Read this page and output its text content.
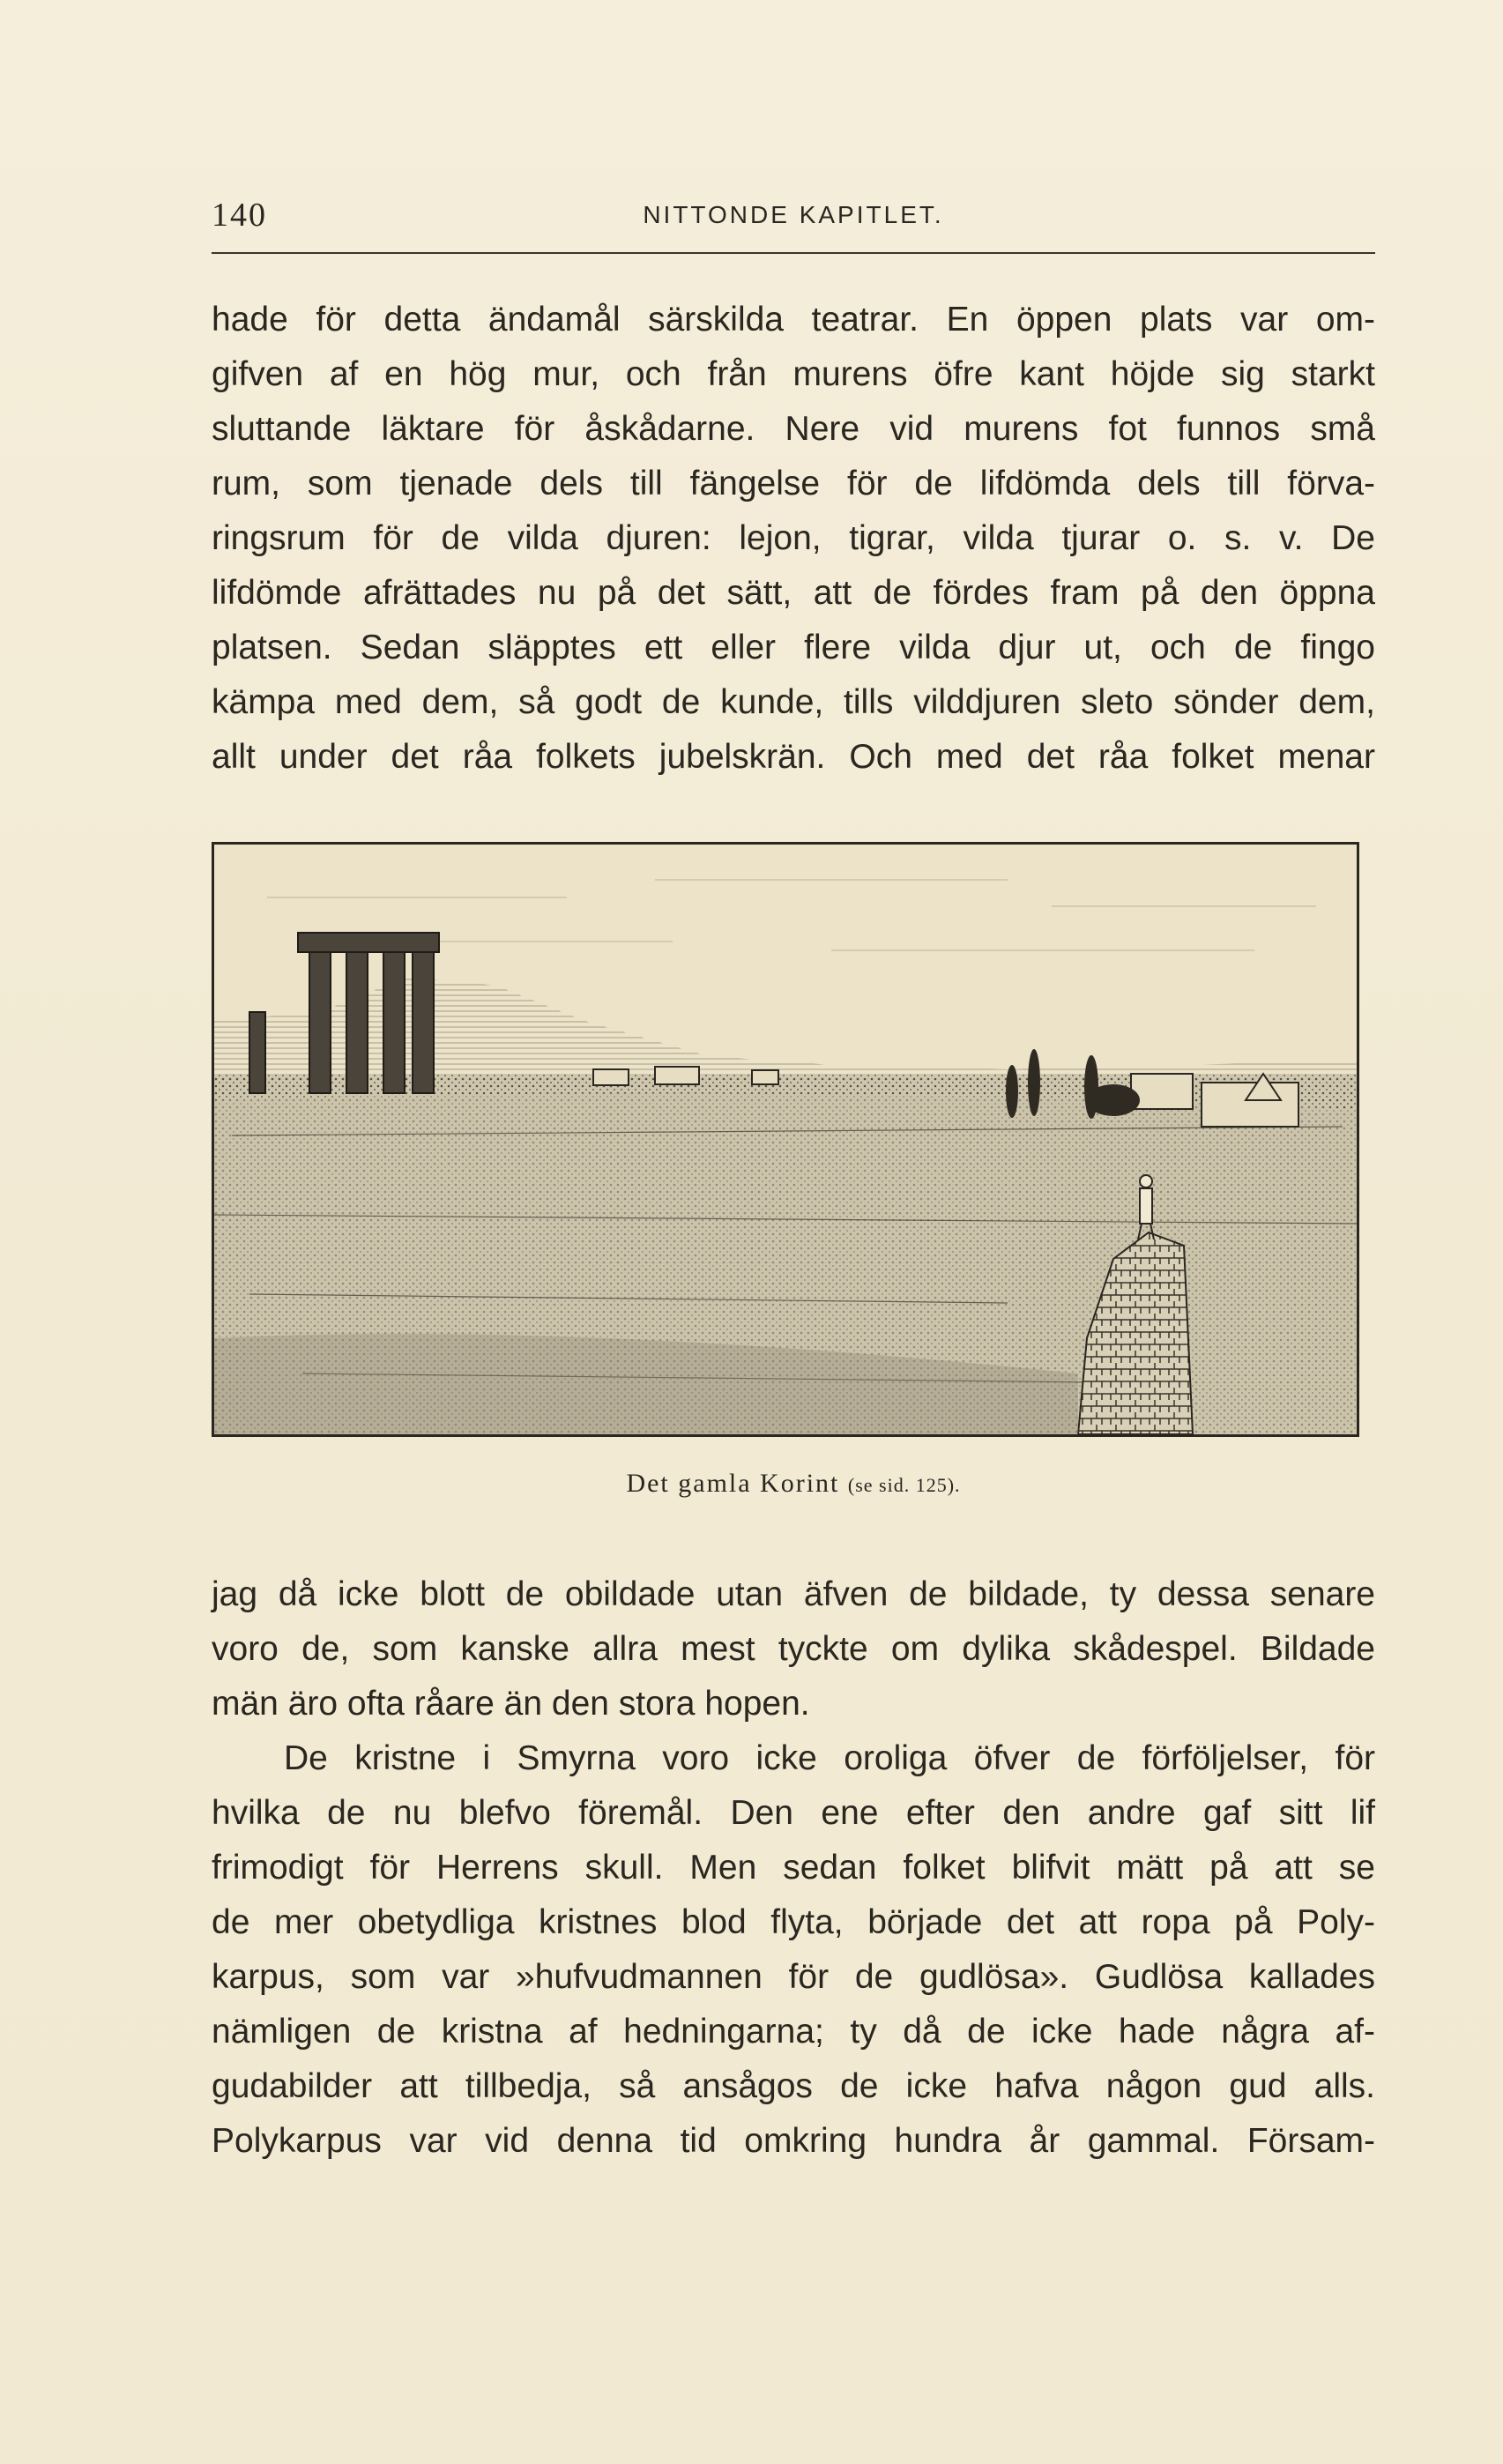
140	NITTONDE KAPITLET.
hade för detta ändamål särskilda teatrar. En öppen plats var om-
gifven af en hög mur, och från murens öfre kant höjde sig starkt
sluttande läktare för åskådarne. Nere vid murens fot funnos små
rum, som tjenade dels till fängelse för de lifdömda dels till förva-
ringsrum för de vilda djuren: lejon, tigrar, vilda tjurar o. s. v. De
lifdömde afrättades nu på det sätt, att de fördes fram på den öppna
platsen. Sedan släpptes ett eller flere vilda djur ut, och de fingo
kämpa med dem, så godt de kunde, tills vilddjuren sleto sönder dem,
allt under det råa folkets jubelskrän. Och med det råa folket menar
Det gamla Korint (se sid. 125).
jag då icke blott de obildade utan äfven de bildade, ty dessa senare
voro de, som kanske allra mest tyckte om dylika skådespel. Bildade
män äro ofta råare än den stora hopen.
De kristne i Smyrna voro icke oroliga öfver de förföljelser, för
hvilka de nu blefvo föremål. Den ene efter den andre gaf sitt lif
frimodigt för Herrens skull. Men sedan folket blifvit mätt på att se
de mer obetydliga kristnes blod flyta, började det att ropa på Poly-
karpus, som var »hufvudmannen för de gudlösa». Gudlösa kallades
nämligen de kristna af hedningarna; ty då de icke hade några af-
gudabilder att tillbedja, så ansågos de icke hafva någon gud alls.
Polykarpus var vid denna tid omkring hundra år gammal. Försam-
